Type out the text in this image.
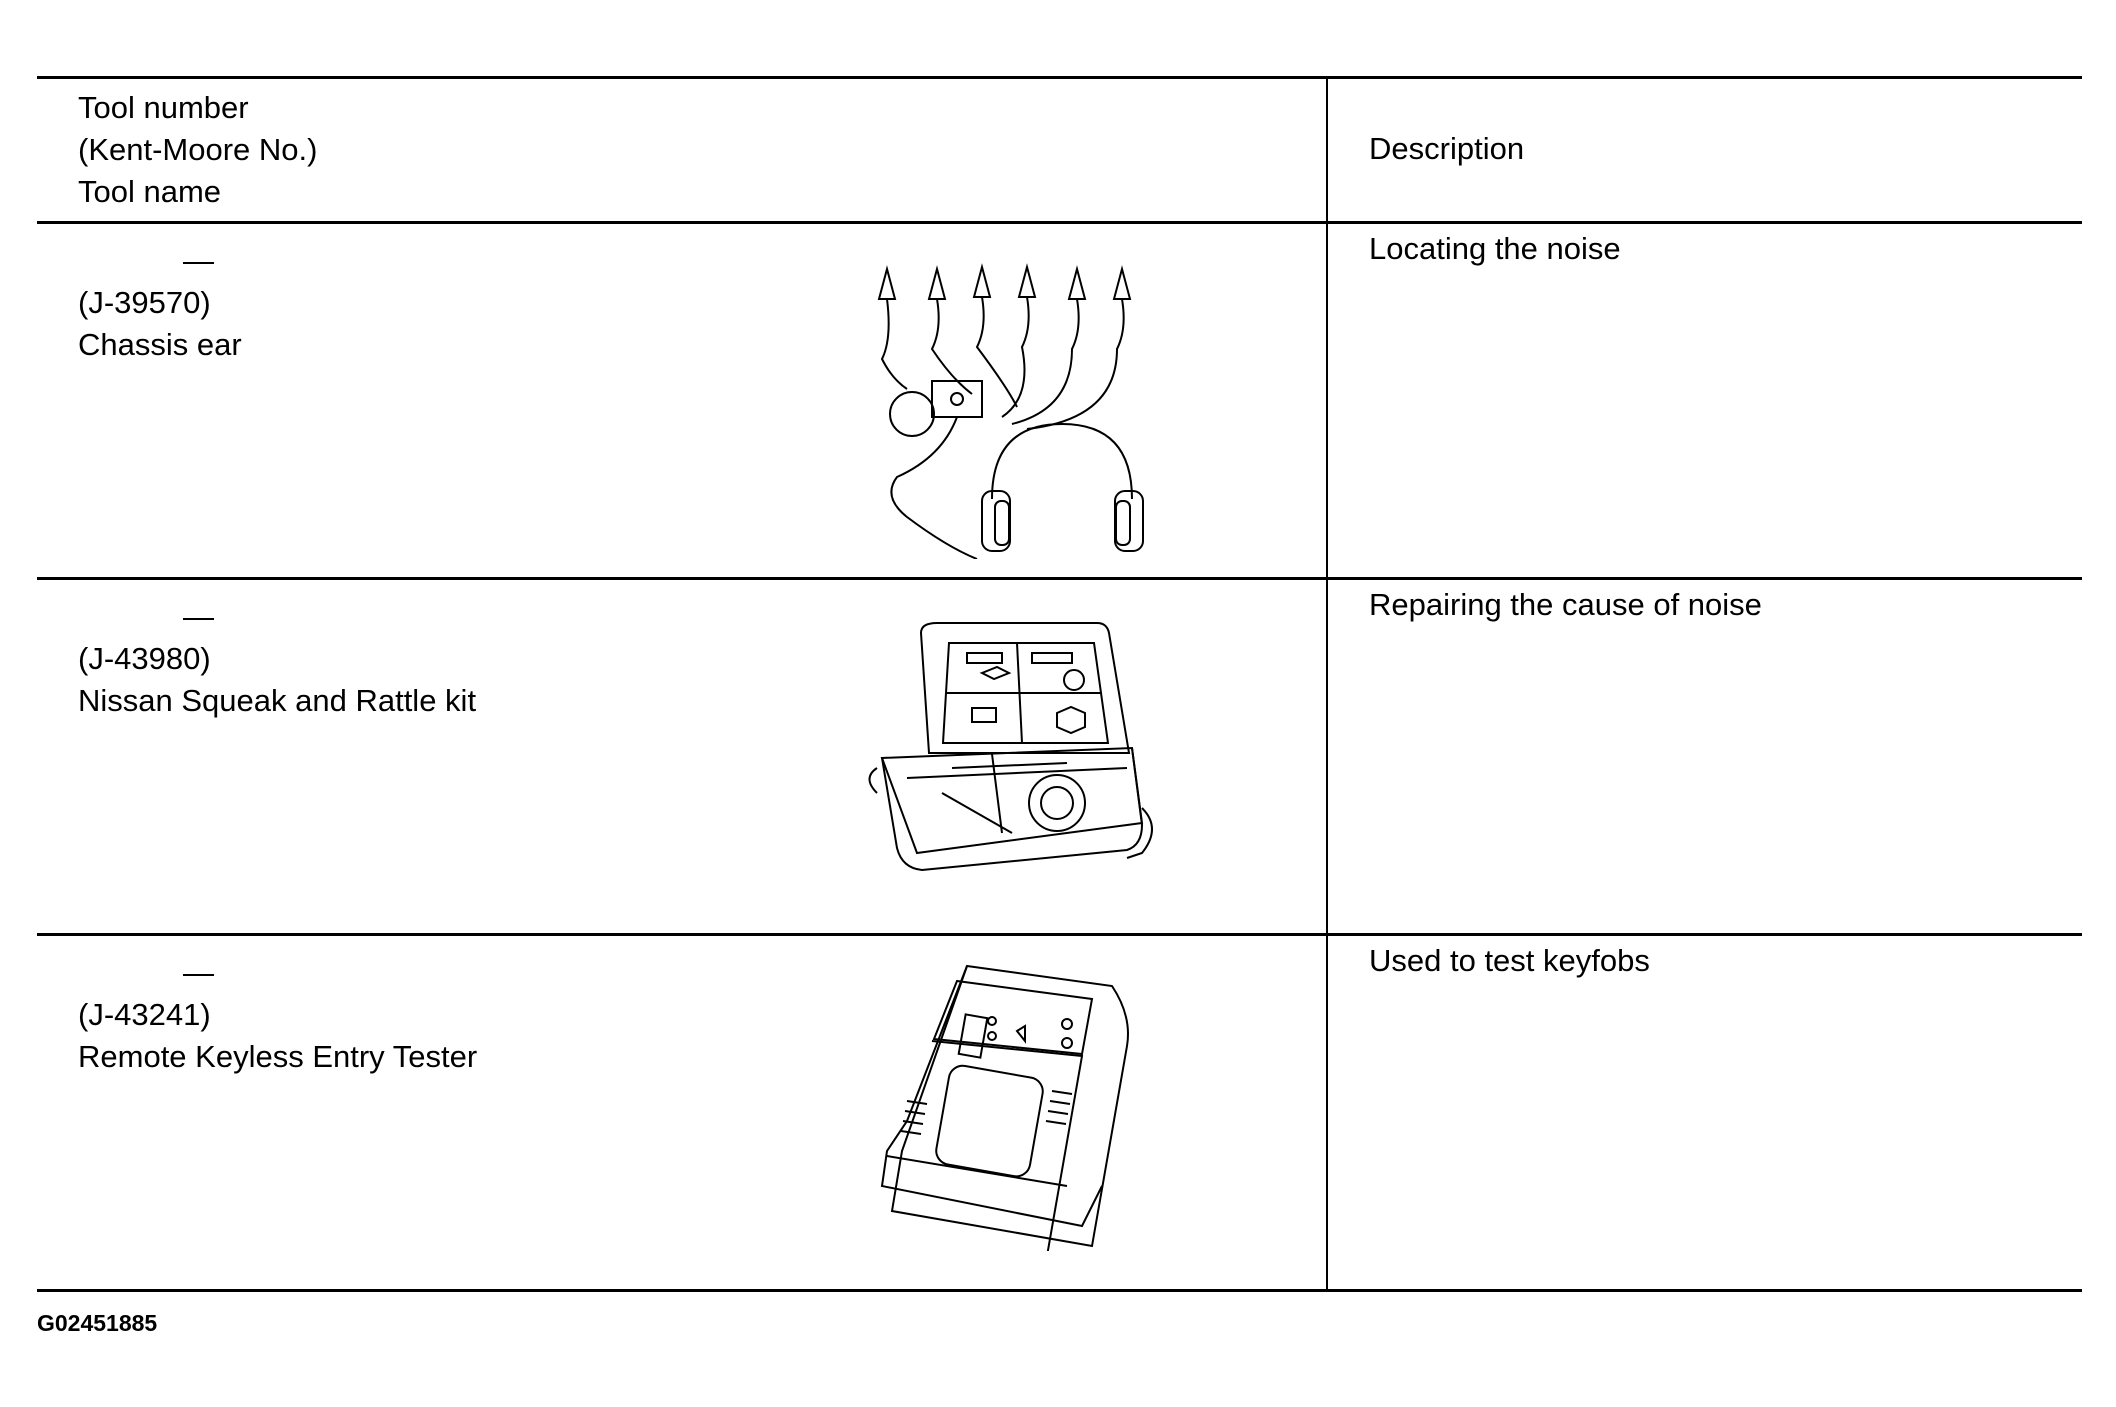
Tool number
(Kent-Moore No.)
Tool name	Description

—
(J-39570)
Chassis ear	Locating the noise

—
(J-43980)
Nissan Squeak and Rattle kit	Repairing the cause of noise

—
(J-43241)
Remote Keyless Entry Tester	Used to test keyfobs
G02451885
